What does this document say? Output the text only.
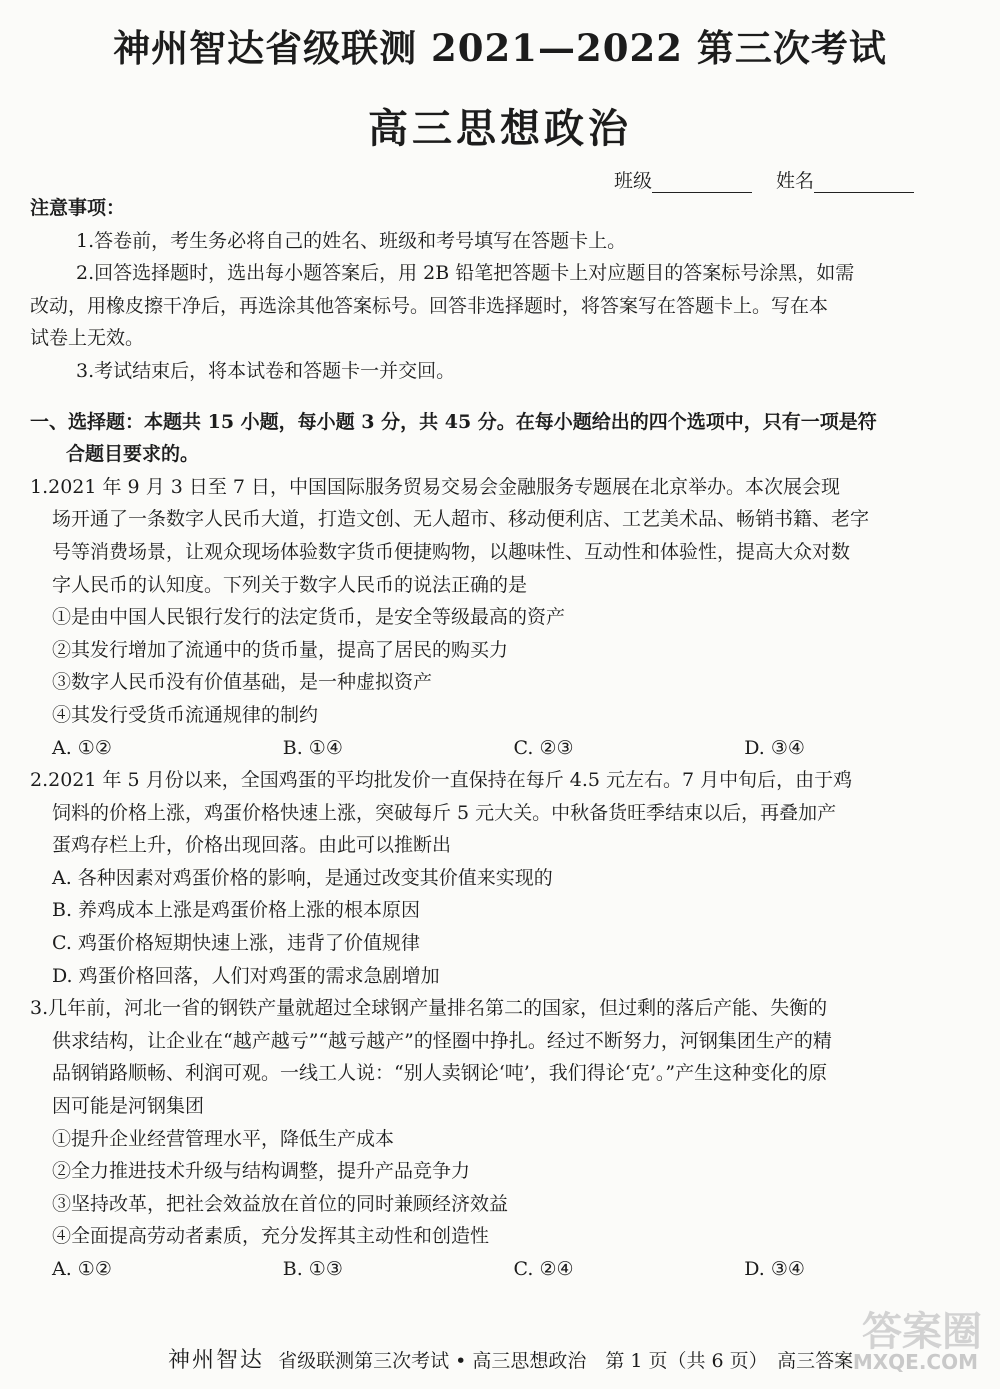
神州智达省级联测 2021—2022 第三次考试
高三思想政治
班级	姓名
注意事项：
1.答卷前，考生务必将自己的姓名、班级和考号填写在答题卡上。
2.回答选择题时，选出每小题答案后，用 2B 铅笔把答题卡上对应题目的答案标号涂黑，如需
改动，用橡皮擦干净后，再选涂其他答案标号。回答非选择题时，将答案写在答题卡上。写在本
试卷上无效。
3.考试结束后，将本试卷和答题卡一并交回。
一、选择题：本题共 15 小题，每小题 3 分，共 45 分。在每小题给出的四个选项中，只有一项是符
合题目要求的。
1.2021 年 9 月 3 日至 7 日，中国国际服务贸易交易会金融服务专题展在北京举办。本次展会现
场开通了一条数字人民币大道，打造文创、无人超市、移动便利店、工艺美术品、畅销书籍、老字
号等消费场景，让观众现场体验数字货币便捷购物，以趣味性、互动性和体验性，提高大众对数
字人民币的认知度。下列关于数字人民币的说法正确的是
①是由中国人民银行发行的法定货币，是安全等级最高的资产
②其发行增加了流通中的货币量，提高了居民的购买力
③数字人民币没有价值基础，是一种虚拟资产
④其发行受货币流通规律的制约
A. ①②	B. ①④	C. ②③	D. ③④
2.2021 年 5 月份以来，全国鸡蛋的平均批发价一直保持在每斤 4.5 元左右。7 月中旬后，由于鸡
饲料的价格上涨，鸡蛋价格快速上涨，突破每斤 5 元大关。中秋备货旺季结束以后，再叠加产
蛋鸡存栏上升，价格出现回落。由此可以推断出
A. 各种因素对鸡蛋价格的影响，是通过改变其价值来实现的
B. 养鸡成本上涨是鸡蛋价格上涨的根本原因
C. 鸡蛋价格短期快速上涨，违背了价值规律
D. 鸡蛋价格回落，人们对鸡蛋的需求急剧增加
3.几年前，河北一省的钢铁产量就超过全球钢产量排名第二的国家，但过剩的落后产能、失衡的
供求结构，让企业在“越产越亏”“越亏越产”的怪圈中挣扎。经过不断努力，河钢集团生产的精
品钢销路顺畅、利润可观。一线工人说：“别人卖钢论‘吨’，我们得论‘克’。”产生这种变化的原
因可能是河钢集团
①提升企业经营管理水平，降低生产成本
②全力推进技术升级与结构调整，提升产品竞争力
③坚持改革，把社会效益放在首位的同时兼顾经济效益
④全面提高劳动者素质，充分发挥其主动性和创造性
A. ①②	B. ①③	C. ②④	D. ③④
神州智达 省级联测第三次考试 • 高三思想政治　第 1 页（共 6 页）　高三答案
答案圈
MXQE.COM
